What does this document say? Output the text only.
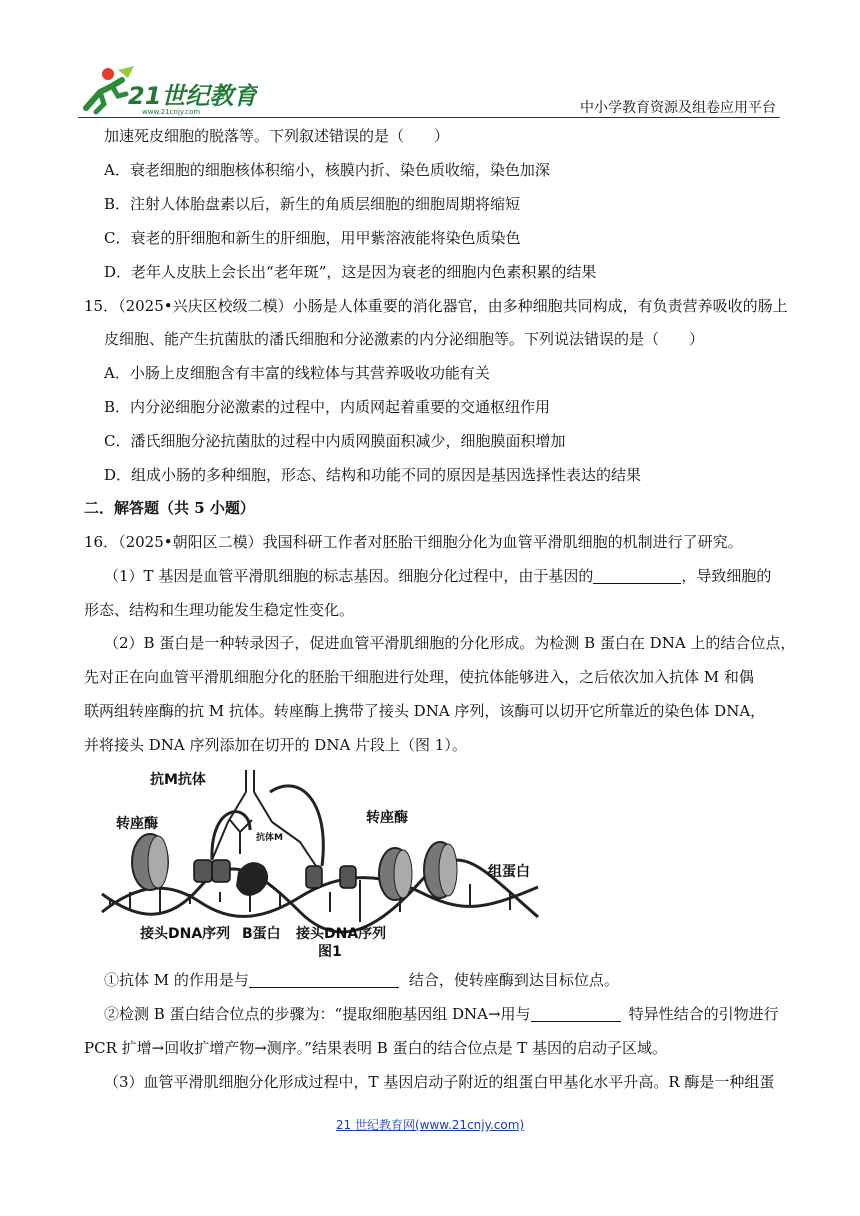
21世纪教育
www.21cnjy.com	中小学教育资源及组卷应用平台
加速死皮细胞的脱落等。下列叙述错误的是（　　）
A．衰老细胞的细胞核体积缩小，核膜内折、染色质收缩，染色加深
B．注射人体胎盘素以后，新生的角质层细胞的细胞周期将缩短
C．衰老的肝细胞和新生的肝细胞，用甲紫溶液能将染色质染色
D．老年人皮肤上会长出“老年斑”，这是因为衰老的细胞内色素积累的结果
15．（2025•兴庆区校级二模）小肠是人体重要的消化器官，由多种细胞共同构成，有负责营养吸收的肠上
皮细胞、能产生抗菌肽的潘氏细胞和分泌激素的内分泌细胞等。下列说法错误的是（　　）
A．小肠上皮细胞含有丰富的线粒体与其营养吸收功能有关
B．内分泌细胞分泌激素的过程中，内质网起着重要的交通枢纽作用
C．潘氏细胞分泌抗菌肽的过程中内质网膜面积减少，细胞膜面积增加
D．组成小肠的多种细胞，形态、结构和功能不同的原因是基因选择性表达的结果
二．解答题（共 5 小题）
16．（2025•朝阳区二模）我国科研工作者对胚胎干细胞分化为血管平滑肌细胞的机制进行了研究。
（1）T 基因是血管平滑肌细胞的标志基因。细胞分化过程中，由于基因的	，导致细胞的
形态、结构和生理功能发生稳定性变化。
（2）B 蛋白是一种转录因子，促进血管平滑肌细胞的分化形成。为检测 B 蛋白在 DNA 上的结合位点，
先对正在向血管平滑肌细胞分化的胚胎干细胞进行处理，使抗体能够进入，之后依次加入抗体 M 和偶
联两组转座酶的抗 M 抗体。转座酶上携带了接头 DNA 序列，该酶可以切开它所靠近的染色体 DNA，
并将接头 DNA 序列添加在切开的 DNA 片段上（图 1）。
抗M抗体
转座酶	转座酶
抗体M
组蛋白
接头DNA序列 B蛋白 接头DNA序列
图1
①抗体 M 的作用是与	结合，使转座酶到达目标位点。
②检测 B 蛋白结合位点的步骤为：“提取细胞基因组 DNA→用与	特异性结合的引物进行
PCR 扩增→回收扩增产物→测序。”结果表明 B 蛋白的结合位点是 T 基因的启动子区域。
（3）血管平滑肌细胞分化形成过程中，T 基因启动子附近的组蛋白甲基化水平升高。R 酶是一种组蛋
21 世纪教育网(www.21cnjy.com)
